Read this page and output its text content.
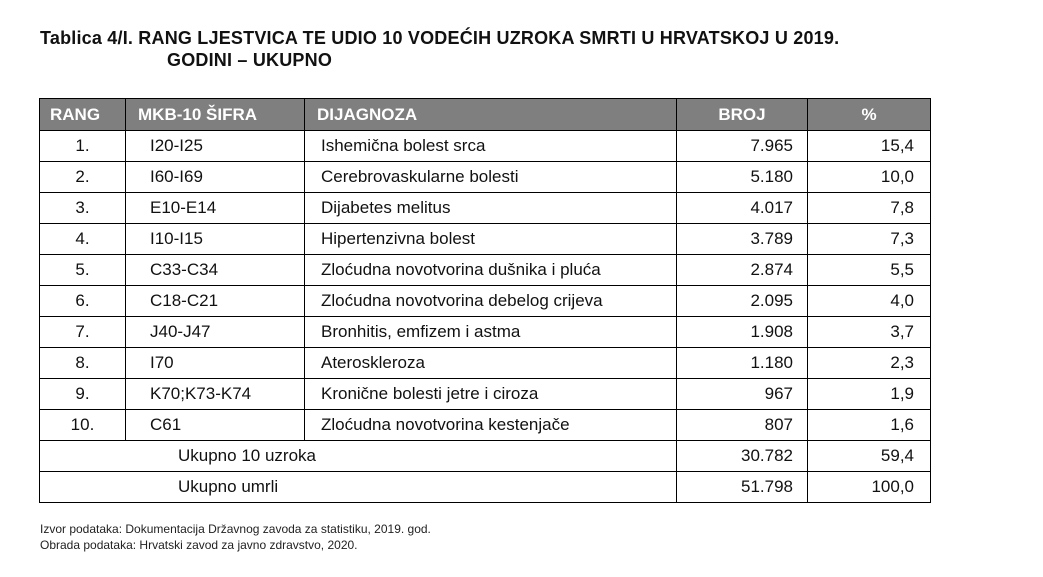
Tablica 4/I. RANG LJESTVICA TE UDIO 10 VODEĆIH UZROKA SMRTI U HRVATSKOJ U 2019.
GODINI – UKUPNO
RANG	MKB-10 ŠIFRA	DIJAGNOZA	BROJ	%
1.	I20-I25	Ishemična bolest srca	7.965	15,4
2.	I60-I69	Cerebrovaskularne bolesti	5.180	10,0
3.	E10-E14	Dijabetes melitus	4.017	7,8
4.	I10-I15	Hipertenzivna bolest	3.789	7,3
5.	C33-C34	Zloćudna novotvorina dušnika i pluća	2.874	5,5
6.	C18-C21	Zloćudna novotvorina debelog crijeva	2.095	4,0
7.	J40-J47	Bronhitis, emfizem i astma	1.908	3,7
8.	I70	Ateroskleroza	1.180	2,3
9.	K70;K73-K74	Kronične bolesti jetre i ciroza	967	1,9
10.	C61	Zloćudna novotvorina kestenjače	807	1,6
Ukupno 10 uzroka			30.782	59,4
Ukupno umrli			51.798	100,0
Izvor podataka: Dokumentacija Državnog zavoda za statistiku, 2019. god.
Obrada podataka: Hrvatski zavod za javno zdravstvo, 2020.
